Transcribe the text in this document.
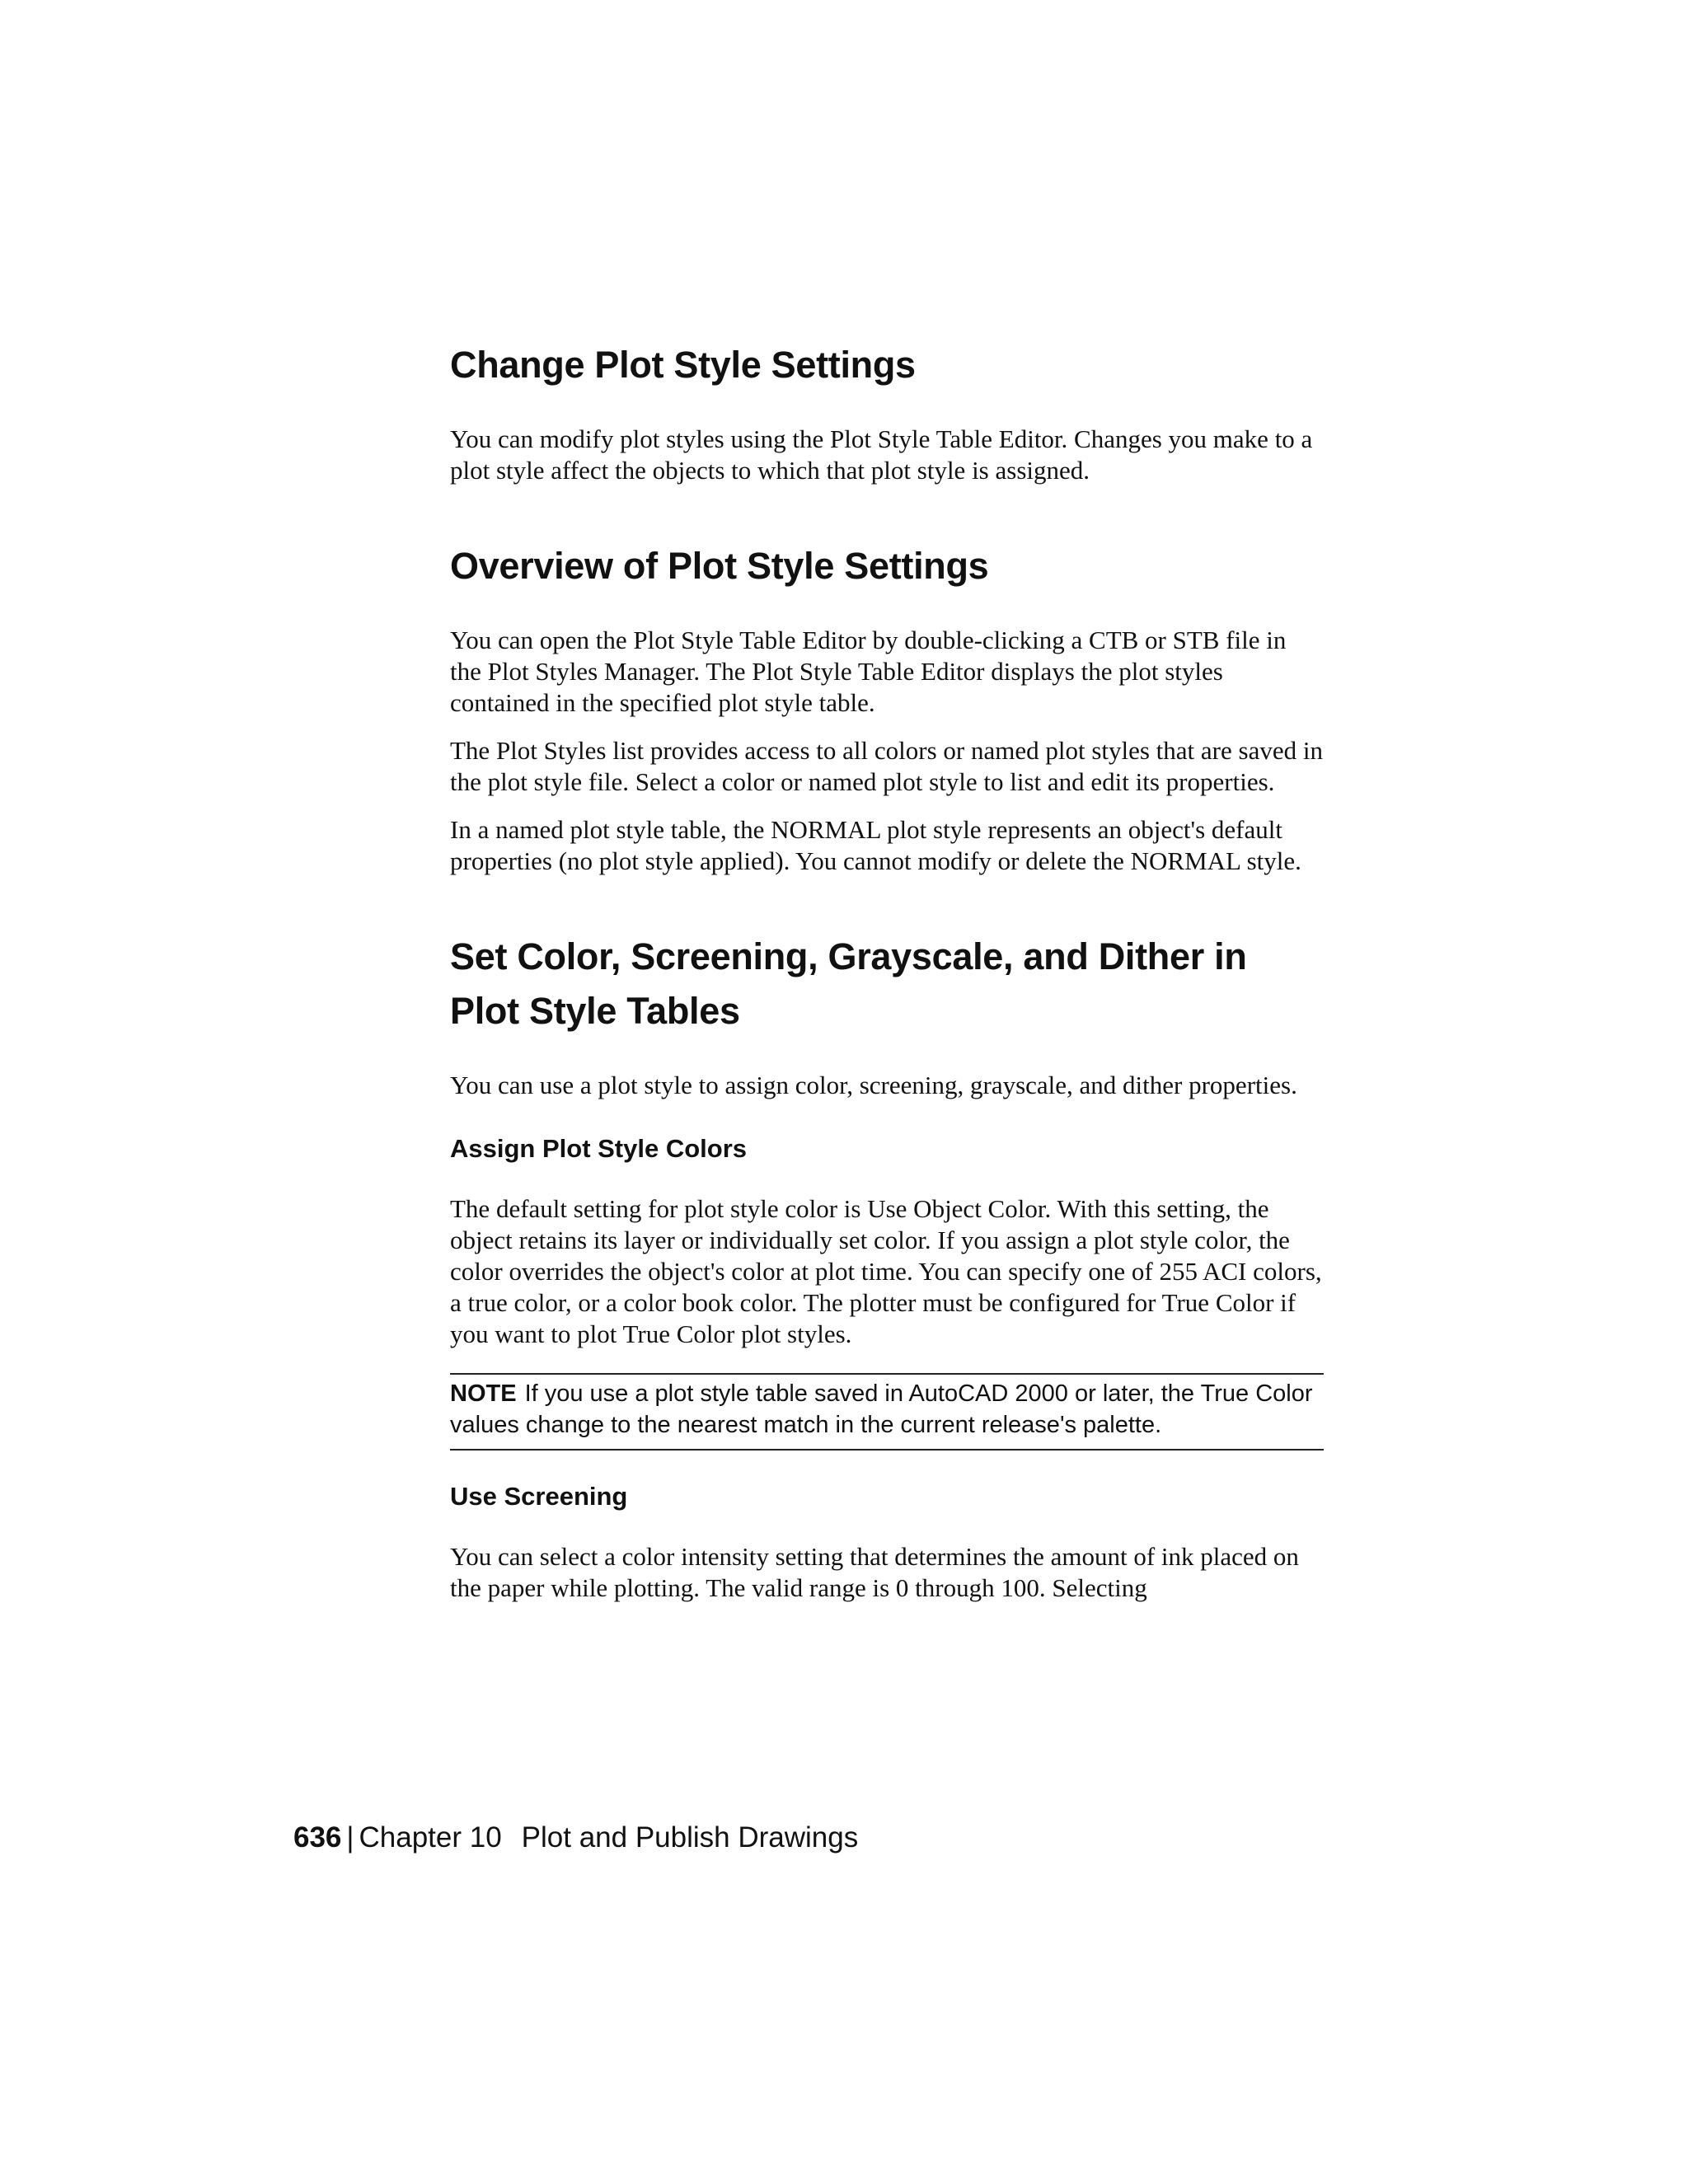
Change Plot Style Settings

You can modify plot styles using the Plot Style Table Editor. Changes you make to a plot style affect the objects to which that plot style is assigned.

Overview of Plot Style Settings

You can open the Plot Style Table Editor by double-clicking a CTB or STB file in the Plot Styles Manager. The Plot Style Table Editor displays the plot styles contained in the specified plot style table.

The Plot Styles list provides access to all colors or named plot styles that are saved in the plot style file. Select a color or named plot style to list and edit its properties.

In a named plot style table, the NORMAL plot style represents an object's default properties (no plot style applied). You cannot modify or delete the NORMAL style.

Set Color, Screening, Grayscale, and Dither in Plot Style Tables

You can use a plot style to assign color, screening, grayscale, and dither properties.

Assign Plot Style Colors

The default setting for plot style color is Use Object Color. With this setting, the object retains its layer or individually set color. If you assign a plot style color, the color overrides the object's color at plot time. You can specify one of 255 ACI colors, a true color, or a color book color. The plotter must be configured for True Color if you want to plot True Color plot styles.

NOTE If you use a plot style table saved in AutoCAD 2000 or later, the True Color values change to the nearest match in the current release's palette.
Use Screening

You can select a color intensity setting that determines the amount of ink placed on the paper while plotting. The valid range is 0 through 100. Selecting

636 | Chapter 10 Plot and Publish Drawings
